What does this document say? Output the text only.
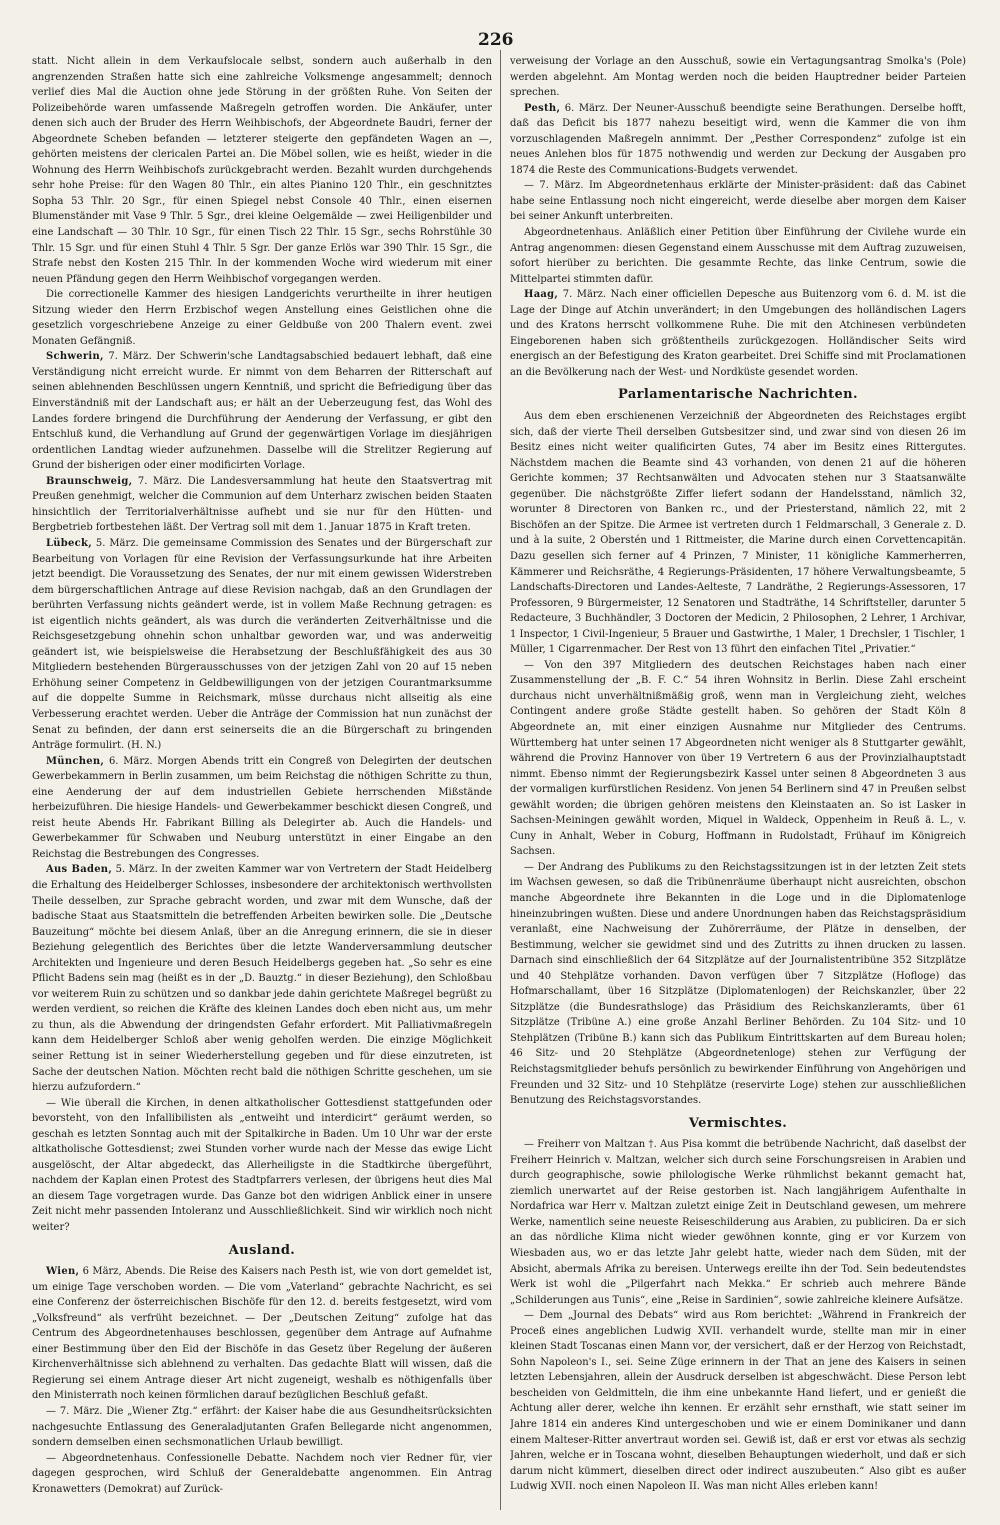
226

statt. Nicht allein in dem Verkaufslocale selbst, sondern auch außerhalb in den angrenzenden Straßen hatte sich eine zahlreiche Volksmenge angesammelt; dennoch verlief dies Mal die Auction ohne jede Störung in der größten Ruhe. Von Seiten der Polizeibehörde waren umfassende Maßregeln getroffen worden. Die Ankäufer, unter denen sich auch der Bruder des Herrn Weihbischofs, der Abgeordnete Baudri, ferner der Abgeordnete Scheben befanden — letzterer steigerte den gepfändeten Wagen an —, gehörten meistens der clericalen Partei an. Die Möbel sollen, wie es heißt, wieder in die Wohnung des Herrn Weihbischofs zurückgebracht werden. Bezahlt wurden durchgehends sehr hohe Preise: für den Wagen 80 Thlr., ein altes Pianino 120 Thlr., ein geschnitztes Sopha 53 Thlr. 20 Sgr., für einen Spiegel nebst Console 40 Thlr., einen eisernen Blumenständer mit Vase 9 Thlr. 5 Sgr., drei kleine Oelgemälde — zwei Heiligenbilder und eine Landschaft — 30 Thlr. 10 Sgr., für einen Tisch 22 Thlr. 15 Sgr., sechs Rohrstühle 30 Thlr. 15 Sgr. und für einen Stuhl 4 Thlr. 5 Sgr. Der ganze Erlös war 390 Thlr. 15 Sgr., die Strafe nebst den Kosten 215 Thlr. In der kommenden Woche wird wiederum mit einer neuen Pfändung gegen den Herrn Weihbischof vorgegangen werden.

Die correctionelle Kammer des hiesigen Landgerichts verurtheilte in ihrer heutigen Sitzung wieder den Herrn Erzbischof wegen Anstellung eines Geistlichen ohne die gesetzlich vorgeschriebene Anzeige zu einer Geldbuße von 200 Thalern event. zwei Monaten Gefängniß.

Schwerin, 7. März. Der Schwerin'sche Landtagsabschied bedauert lebhaft, daß eine Verständigung nicht erreicht wurde. Er nimmt von dem Beharren der Ritterschaft auf seinen ablehnenden Beschlüssen ungern Kenntniß, und spricht die Befriedigung über das Einverständniß mit der Landschaft aus; er hält an der Ueberzeugung fest, das Wohl des Landes fordere bringend die Durchführung der Aenderung der Verfassung, er gibt den Entschluß kund, die Verhandlung auf Grund der gegenwärtigen Vorlage im diesjährigen ordentlichen Landtag wieder aufzunehmen. Dasselbe will die Strelitzer Regierung auf Grund der bisherigen oder einer modificirten Vorlage.

Braunschweig, 7. März. Die Landesversammlung hat heute den Staatsvertrag mit Preußen genehmigt, welcher die Communion auf dem Unterharz zwischen beiden Staaten hinsichtlich der Territorialverhältnisse aufhebt und sie nur für den Hütten- und Bergbetrieb fortbestehen läßt. Der Vertrag soll mit dem 1. Januar 1875 in Kraft treten.

Lübeck, 5. März. Die gemeinsame Commission des Senates und der Bürgerschaft zur Bearbeitung von Vorlagen für eine Revision der Verfassungsurkunde hat ihre Arbeiten jetzt beendigt. Die Voraussetzung des Senates, der nur mit einem gewissen Widerstreben dem bürgerschaftlichen Antrage auf diese Revision nachgab, daß an den Grundlagen der berührten Verfassung nichts geändert werde, ist in vollem Maße Rechnung getragen: es ist eigentlich nichts geändert, als was durch die veränderten Zeitverhältnisse und die Reichsgesetzgebung ohnehin schon unhaltbar geworden war, und was anderweitig geändert ist, wie beispielsweise die Herabsetzung der Beschlußfähigkeit des aus 30 Mitgliedern bestehenden Bürgerausschusses von der jetzigen Zahl von 20 auf 15 neben Erhöhung seiner Competenz in Geldbewilligungen von der jetzigen Courantmarksumme auf die doppelte Summe in Reichsmark, müsse durchaus nicht allseitig als eine Verbesserung erachtet werden. Ueber die Anträge der Commission hat nun zunächst der Senat zu befinden, der dann erst seinerseits die an die Bürgerschaft zu bringenden Anträge formulirt. (H. N.)

München, 6. März. Morgen Abends tritt ein Congreß von Delegirten der deutschen Gewerbekammern in Berlin zusammen, um beim Reichstag die nöthigen Schritte zu thun, eine Aenderung der auf dem industriellen Gebiete herrschenden Mißstände herbeizuführen. Die hiesige Handels- und Gewerbekammer beschickt diesen Congreß, und reist heute Abends Hr. Fabrikant Billing als Delegirter ab. Auch die Handels- und Gewerbekammer für Schwaben und Neuburg unterstützt in einer Eingabe an den Reichstag die Bestrebungen des Congresses.

Aus Baden, 5. März. In der zweiten Kammer war von Vertretern der Stadt Heidelberg die Erhaltung des Heidelberger Schlosses, insbesondere der architektonisch werthvollsten Theile desselben, zur Sprache gebracht worden, und zwar mit dem Wunsche, daß der badische Staat aus Staatsmitteln die betreffenden Arbeiten bewirken solle. Die „Deutsche Bauzeitung“ möchte bei diesem Anlaß, über an die Anregung erinnern, die sie in dieser Beziehung gelegentlich des Berichtes über die letzte Wanderversammlung deutscher Architekten und Ingenieure und deren Besuch Heidelbergs gegeben hat. „So sehr es eine Pflicht Badens sein mag (heißt es in der „D. Bauztg.“ in dieser Beziehung), den Schloßbau vor weiterem Ruin zu schützen und so dankbar jede dahin gerichtete Maßregel begrüßt zu werden verdient, so reichen die Kräfte des kleinen Landes doch eben nicht aus, um mehr zu thun, als die Abwendung der dringendsten Gefahr erfordert. Mit Palliativmaßregeln kann dem Heidelberger Schloß aber wenig geholfen werden. Die einzige Möglichkeit seiner Rettung ist in seiner Wiederherstellung gegeben und für diese einzutreten, ist Sache der deutschen Nation. Möchten recht bald die nöthigen Schritte geschehen, um sie hierzu aufzufordern.“

— Wie überall die Kirchen, in denen altkatholischer Gottesdienst stattgefunden oder bevorsteht, von den Infallibilisten als „entweiht und interdicirt“ geräumt werden, so geschah es letzten Sonntag auch mit der Spitalkirche in Baden. Um 10 Uhr war der erste altkatholische Gottesdienst; zwei Stunden vorher wurde nach der Messe das ewige Licht ausgelöscht, der Altar abgedeckt, das Allerheiligste in die Stadtkirche übergeführt, nachdem der Kaplan einen Protest des Stadtpfarrers verlesen, der übrigens heut dies Mal an diesem Tage vorgetragen wurde. Das Ganze bot den widrigen Anblick einer in unsere Zeit nicht mehr passenden Intoleranz und Ausschließlichkeit. Sind wir wirklich noch nicht weiter?

Ausland.

Wien, 6 März, Abends. Die Reise des Kaisers nach Pesth ist, wie von dort gemeldet ist, um einige Tage verschoben worden. — Die vom „Vaterland“ gebrachte Nachricht, es sei eine Conferenz der österreichischen Bischöfe für den 12. d. bereits festgesetzt, wird vom „Volksfreund“ als verfrüht bezeichnet. — Der „Deutschen Zeitung“ zufolge hat das Centrum des Abgeordnetenhauses beschlossen, gegenüber dem Antrage auf Aufnahme einer Bestimmung über den Eid der Bischöfe in das Gesetz über Regelung der äußeren Kirchenverhältnisse sich ablehnend zu verhalten. Das gedachte Blatt will wissen, daß die Regierung sei einem Antrage dieser Art nicht zugeneigt, weshalb es nöthigenfalls über den Ministerrath noch keinen förmlichen darauf bezüglichen Beschluß gefaßt.

— 7. März. Die „Wiener Ztg.“ erfährt: der Kaiser habe die aus Gesundheitsrücksichten nachgesuchte Entlassung des Generaladjutanten Grafen Bellegarde nicht angenommen, sondern demselben einen sechsmonatlichen Urlaub bewilligt.

— Abgeordnetenhaus. Confessionelle Debatte. Nachdem noch vier Redner für, vier dagegen gesprochen, wird Schluß der Generaldebatte angenommen. Ein Antrag Kronawetters (Demokrat) auf Zurück-

verweisung der Vorlage an den Ausschuß, sowie ein Vertagungsantrag Smolka's (Pole) werden abgelehnt. Am Montag werden noch die beiden Hauptredner beider Parteien sprechen.

Pesth, 6. März. Der Neuner-Ausschuß beendigte seine Berathungen. Derselbe hofft, daß das Deficit bis 1877 nahezu beseitigt wird, wenn die Kammer die von ihm vorzuschlagenden Maßregeln annimmt. Der „Pesther Correspondenz“ zufolge ist ein neues Anlehen blos für 1875 nothwendig und werden zur Deckung der Ausgaben pro 1874 die Reste des Communications-Budgets verwendet.

— 7. März. Im Abgeordnetenhaus erklärte der Minister-präsident: daß das Cabinet habe seine Entlassung noch nicht eingereicht, werde dieselbe aber morgen dem Kaiser bei seiner Ankunft unterbreiten.

Abgeordnetenhaus. Anläßlich einer Petition über Einführung der Civilehe wurde ein Antrag angenommen: diesen Gegenstand einem Ausschusse mit dem Auftrag zuzuweisen, sofort hierüber zu berichten. Die gesammte Rechte, das linke Centrum, sowie die Mittelpartei stimmten dafür.

Haag, 7. März. Nach einer officiellen Depesche aus Buitenzorg vom 6. d. M. ist die Lage der Dinge auf Atchin unverändert; in den Umgebungen des holländischen Lagers und des Kratons herrscht vollkommene Ruhe. Die mit den Atchinesen verbündeten Eingeborenen haben sich größtentheils zurückgezogen. Holländischer Seits wird energisch an der Befestigung des Kraton gearbeitet. Drei Schiffe sind mit Proclamationen an die Bevölkerung nach der West- und Nordküste gesendet worden.

Parlamentarische Nachrichten.

Aus dem eben erschienenen Verzeichniß der Abgeordneten des Reichstages ergibt sich, daß der vierte Theil derselben Gutsbesitzer sind, und zwar sind von diesen 26 im Besitz eines nicht weiter qualificirten Gutes, 74 aber im Besitz eines Rittergutes. Nächstdem machen die Beamte sind 43 vorhanden, von denen 21 auf die höheren Gerichte kommen; 37 Rechtsanwälten und Advocaten stehen nur 3 Staatsanwälte gegenüber. Die nächstgrößte Ziffer liefert sodann der Handelsstand, nämlich 32, worunter 8 Directoren von Banken rc., und der Priesterstand, nämlich 22, mit 2 Bischöfen an der Spitze. Die Armee ist vertreten durch 1 Feldmarschall, 3 Generale z. D. und à la suite, 2 Oberstén und 1 Rittmeister, die Marine durch einen Corvettencapitän. Dazu gesellen sich ferner auf 4 Prinzen, 7 Minister, 11 königliche Kammerherren, Kämmerer und Reichsräthe, 4 Regierungs-Präsidenten, 17 höhere Verwaltungsbeamte, 5 Landschafts-Directoren und Landes-Aelteste, 7 Landräthe, 2 Regierungs-Assessoren, 17 Professoren, 9 Bürgermeister, 12 Senatoren und Stadträthe, 14 Schriftsteller, darunter 5 Redacteure, 3 Buchhändler, 3 Doctoren der Medicin, 2 Philosophen, 2 Lehrer, 1 Archivar, 1 Inspector, 1 Civil-Ingenieur, 5 Brauer und Gastwirthe, 1 Maler, 1 Drechsler, 1 Tischler, 1 Müller, 1 Cigarrenmacher. Der Rest von 13 führt den einfachen Titel „Privatier.“

— Von den 397 Mitgliedern des deutschen Reichstages haben nach einer Zusammenstellung der „B. F. C.“ 54 ihren Wohnsitz in Berlin. Diese Zahl erscheint durchaus nicht unverhältnißmäßig groß, wenn man in Vergleichung zieht, welches Contingent andere große Städte gestellt haben. So gehören der Stadt Köln 8 Abgeordnete an, mit einer einzigen Ausnahme nur Mitglieder des Centrums. Württemberg hat unter seinen 17 Abgeordneten nicht weniger als 8 Stuttgarter gewählt, während die Provinz Hannover von über 19 Vertretern 6 aus der Provinzialhauptstadt nimmt. Ebenso nimmt der Regierungsbezirk Kassel unter seinen 8 Abgeordneten 3 aus der vormaligen kurfürstlichen Residenz. Von jenen 54 Berlinern sind 47 in Preußen selbst gewählt worden; die übrigen gehören meistens den Kleinstaaten an. So ist Lasker in Sachsen-Meiningen gewählt worden, Miquel in Waldeck, Oppenheim in Reuß ä. L., v. Cuny in Anhalt, Weber in Coburg, Hoffmann in Rudolstadt, Frühauf im Königreich Sachsen.

— Der Andrang des Publikums zu den Reichstagssitzungen ist in der letzten Zeit stets im Wachsen gewesen, so daß die Tribünenräume überhaupt nicht ausreichten, obschon manche Abgeordnete ihre Bekannten in die Loge und in die Diplomatenloge hineinzubringen wußten. Diese und andere Unordnungen haben das Reichstagspräsidium veranlaßt, eine Nachweisung der Zuhörerräume, der Plätze in denselben, der Bestimmung, welcher sie gewidmet sind und des Zutritts zu ihnen drucken zu lassen. Darnach sind einschließlich der 64 Sitzplätze auf der Journalistentribüne 352 Sitzplätze und 40 Stehplätze vorhanden. Davon verfügen über 7 Sitzplätze (Hofloge) das Hofmarschallamt, über 16 Sitzplätze (Diplomatenlogen) der Reichskanzler, über 22 Sitzplätze (die Bundesrathsloge) das Präsidium des Reichskanzleramts, über 61 Sitzplätze (Tribüne A.) eine große Anzahl Berliner Behörden. Zu 104 Sitz- und 10 Stehplätzen (Tribüne B.) kann sich das Publikum Eintrittskarten auf dem Bureau holen; 46 Sitz- und 20 Stehplätze (Abgeordnetenloge) stehen zur Verfügung der Reichstagsmitglieder behufs persönlich zu bewirkender Einführung von Angehörigen und Freunden und 32 Sitz- und 10 Stehplätze (reservirte Loge) stehen zur ausschließlichen Benutzung des Reichstagsvorstandes.

Vermischtes.

— Freiherr von Maltzan †. Aus Pisa kommt die betrübende Nachricht, daß daselbst der Freiherr Heinrich v. Maltzan, welcher sich durch seine Forschungsreisen in Arabien und durch geographische, sowie philologische Werke rühmlichst bekannt gemacht hat, ziemlich unerwartet auf der Reise gestorben ist. Nach langjährigem Aufenthalte in Nordafrica war Herr v. Maltzan zuletzt einige Zeit in Deutschland gewesen, um mehrere Werke, namentlich seine neueste Reiseschilderung aus Arabien, zu publiciren. Da er sich an das nördliche Klima nicht wieder gewöhnen konnte, ging er vor Kurzem von Wiesbaden aus, wo er das letzte Jahr gelebt hatte, wieder nach dem Süden, mit der Absicht, abermals Afrika zu bereisen. Unterwegs ereilte ihn der Tod. Sein bedeutendstes Werk ist wohl die „Pilgerfahrt nach Mekka.“ Er schrieb auch mehrere Bände „Schilderungen aus Tunis“, eine „Reise in Sardinien“, sowie zahlreiche kleinere Aufsätze.

— Dem „Journal des Debats“ wird aus Rom berichtet: „Während in Frankreich der Proceß eines angeblichen Ludwig XVII. verhandelt wurde, stellte man mir in einer kleinen Stadt Toscanas einen Mann vor, der versichert, daß er der Herzog von Reichstadt, Sohn Napoleon's I., sei. Seine Züge erinnern in der That an jene des Kaisers in seinen letzten Lebensjahren, allein der Ausdruck derselben ist abgeschwächt. Diese Person lebt bescheiden von Geldmitteln, die ihm eine unbekannte Hand liefert, und er genießt die Achtung aller derer, welche ihn kennen. Er erzählt sehr ernsthaft, wie statt seiner im Jahre 1814 ein anderes Kind untergeschoben und wie er einem Dominikaner und dann einem Malteser-Ritter anvertraut worden sei. Gewiß ist, daß er erst vor etwas als sechzig Jahren, welche er in Toscana wohnt, dieselben Behauptungen wiederholt, und daß er sich darum nicht kümmert, dieselben direct oder indirect auszubeuten.“ Also gibt es außer Ludwig XVII. noch einen Napoleon II. Was man nicht Alles erleben kann!
